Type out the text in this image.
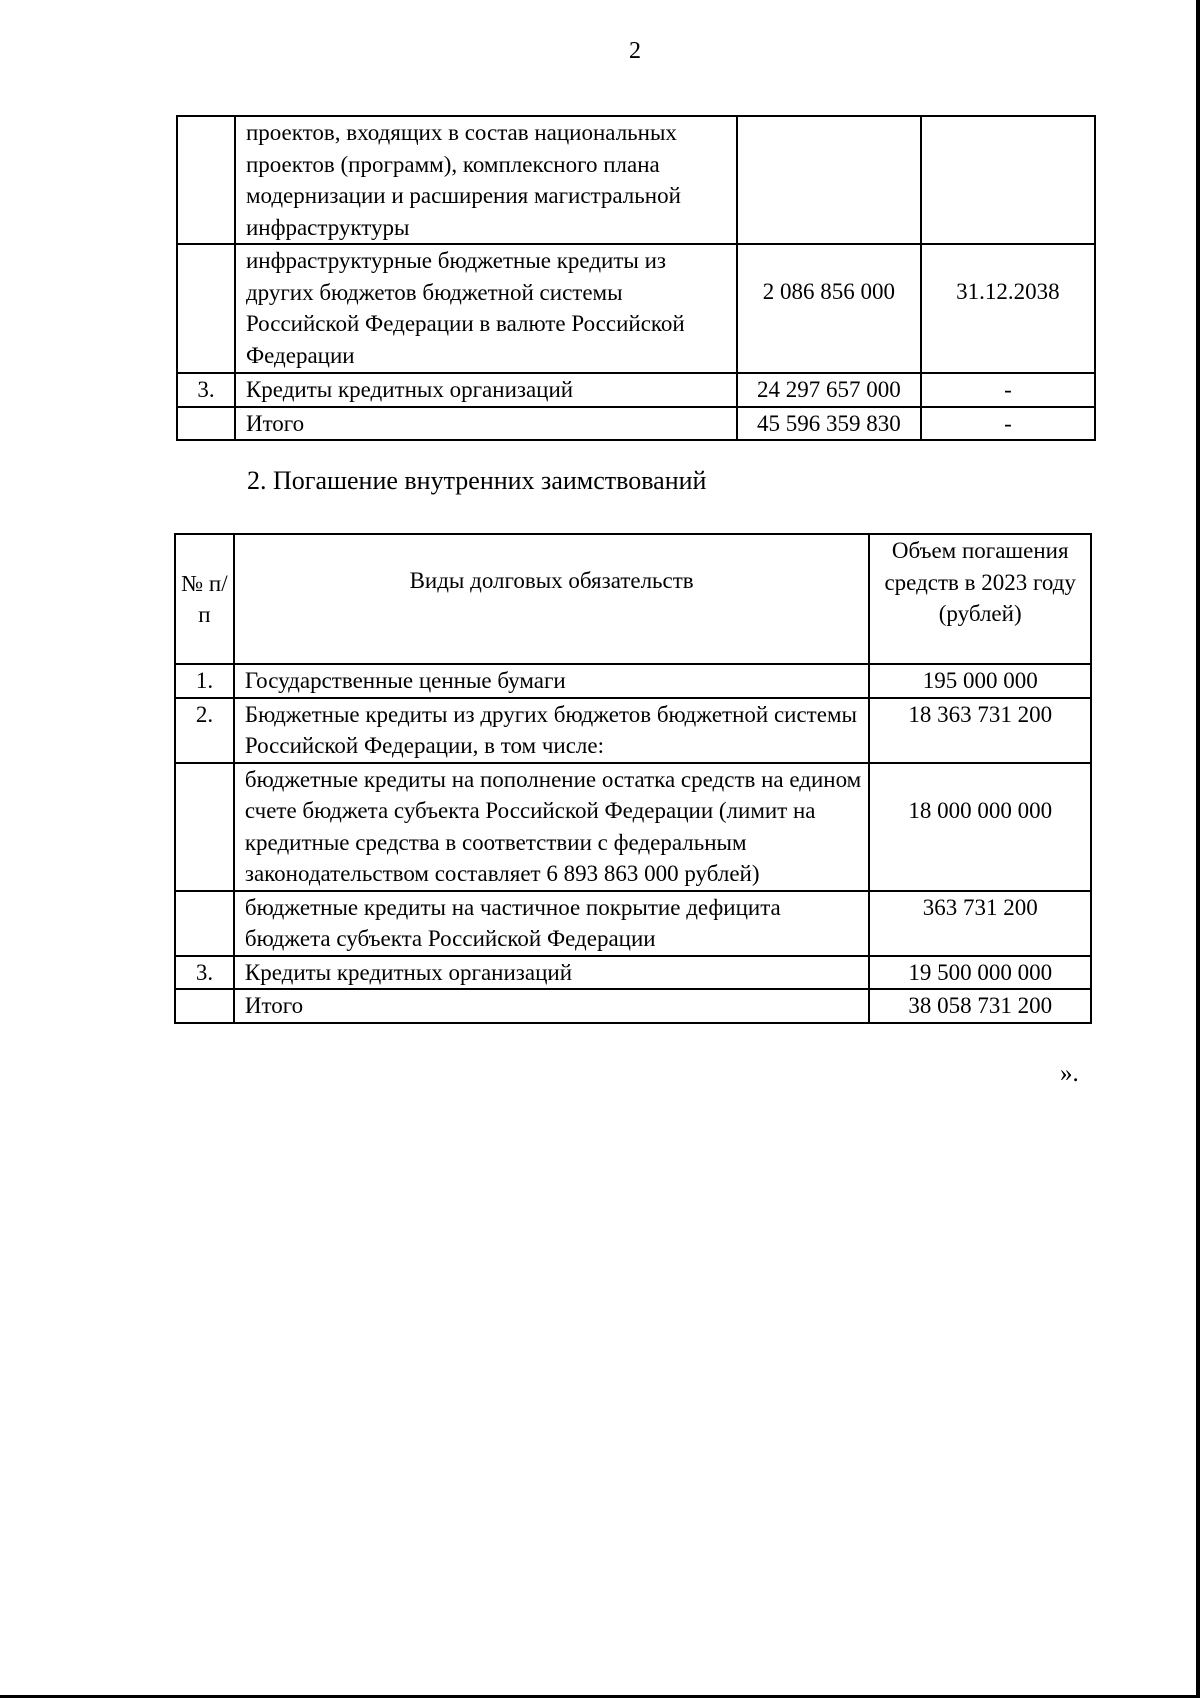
2
	проектов, входящих в состав национальных проектов (программ), комплексного плана модернизации и расширения магистральной инфраструктуры		
	инфраструктурные бюджетные кредиты из других бюджетов бюджетной системы Российской Федерации в валюте Российской Федерации	2 086 856 000	31.12.2038
3.	Кредиты кредитных организаций	24 297 657 000	-
	Итого	45 596 359 830	-
2. Погашение внутренних заимствований
№ п/п	Виды долговых обязательств	Объем погашения средств в 2023 году (рублей)
1.	Государственные ценные бумаги	195 000 000
2.	Бюджетные кредиты из других бюджетов бюджетной системы Российской Федерации, в том числе:	18 363 731 200
	бюджетные кредиты на пополнение остатка средств на едином счете бюджета субъекта Российской Федерации (лимит на кредитные средства в соответствии с федеральным законодательством составляет 6 893 863 000 рублей)	18 000 000 000
	бюджетные кредиты на частичное покрытие дефицита бюджета субъекта Российской Федерации	363 731 200
3.	Кредиты кредитных организаций	19 500 000 000
	Итого	38 058 731 200
».
